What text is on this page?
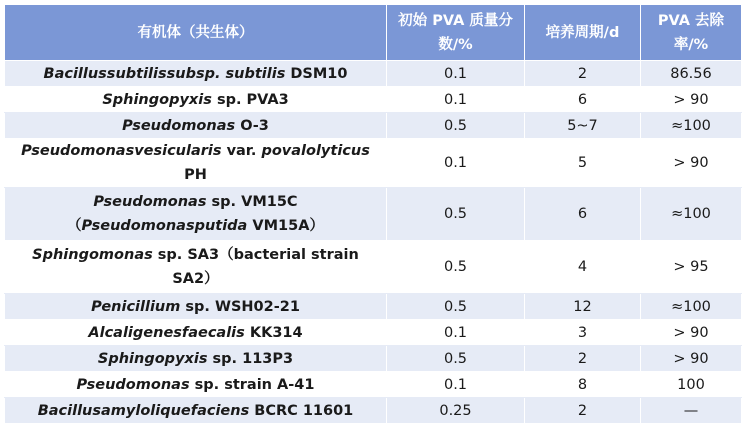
有机体（共生体）	初始 PVA 质量分数/%	培养周期/d	PVA 去除率/%
Bacillussubtilissubsp. subtilis DSM10	0.1	2	86.56
Sphingopyxis sp. PVA3	0.1	6	> 90
Pseudomonas O-3	0.5	5~7	≈100
Pseudomonasvesicularis var. povalolyticus PH	0.1	5	> 90
Pseudomonas sp. VM15C
（Pseudomonasputida VM15A）	0.5	6	≈100
Sphingomonas sp. SA3（bacterial strain
SA2）	0.5	4	> 95
Penicillium sp. WSH02-21	0.5	12	≈100
Alcaligenesfaecalis KK314	0.1	3	> 90
Sphingopyxis sp. 113P3	0.5	2	> 90
Pseudomonas sp. strain A-41	0.1	8	100
Bacillusamyloliquefaciens BCRC 11601	0.25	2	—
